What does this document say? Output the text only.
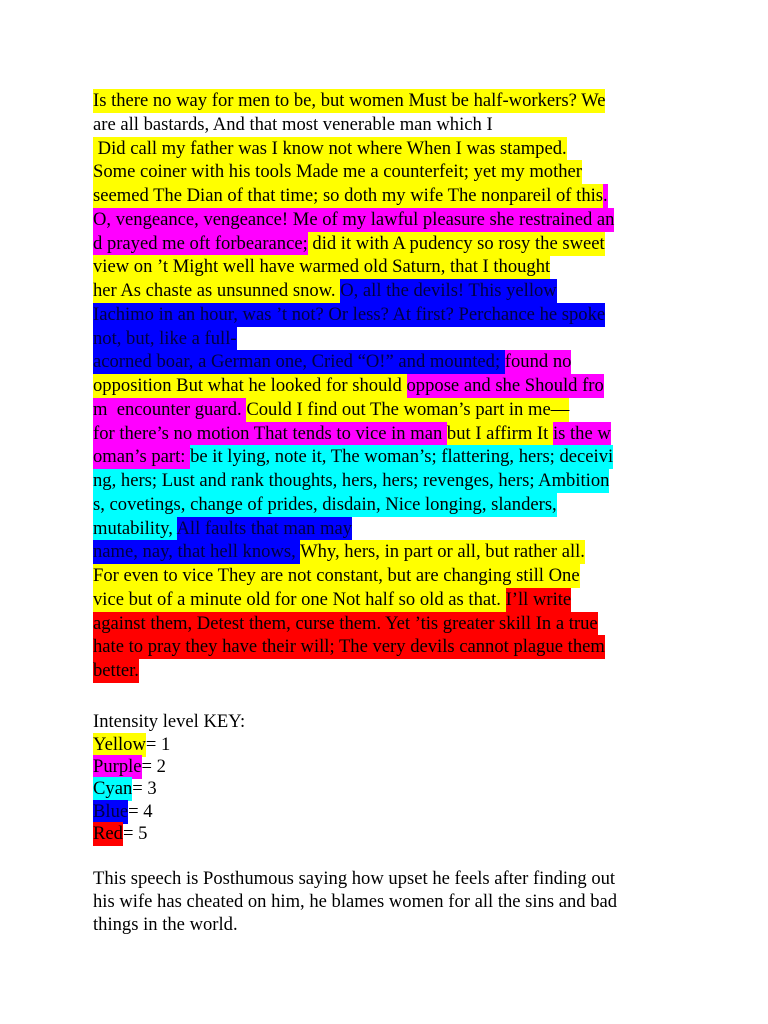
Is there no way for men to be, but women Must be half-workers? We
are all bastards, And that most venerable man which I
Did call my father was I know not where When I was stamped.
Some coiner with his tools Made me a counterfeit; yet my mother
seemed The Dian of that time; so doth my wife The nonpareil of this.
O, vengeance, vengeance! Me of my lawful pleasure she restrained an
d prayed me oft forbearance; did it with A pudency so rosy the sweet
view on ’t Might well have warmed old Saturn, that I thought
her As chaste as unsunned snow. O, all the devils! This yellow
Iachimo in an hour, was ’t not? Or less? At first? Perchance he spoke
not, but, like a full-
acorned boar, a German one, Cried “O!” and mounted; found no
opposition But what he looked for should oppose and she Should fro
m  encounter guard. Could I find out The woman’s part in me—
for there’s no motion That tends to vice in man but I affirm It is the w
oman’s part: be it lying, note it, The woman’s; flattering, hers; deceivi
ng, hers; Lust and rank thoughts, hers, hers; revenges, hers; Ambition
s, covetings, change of prides, disdain, Nice longing, slanders,
mutability, All faults that man may
name, nay, that hell knows, Why, hers, in part or all, but rather all.
For even to vice They are not constant, but are changing still One
vice but of a minute old for one Not half so old as that. I’ll write
against them, Detest them, curse them. Yet ’tis greater skill In a true
hate to pray they have their will; The very devils cannot plague them
better.
Intensity level KEY:
Yellow= 1
Purple= 2
Cyan= 3
Blue= 4
Red= 5
This speech is Posthumous saying how upset he feels after finding out
his wife has cheated on him, he blames women for all the sins and bad
things in the world.
